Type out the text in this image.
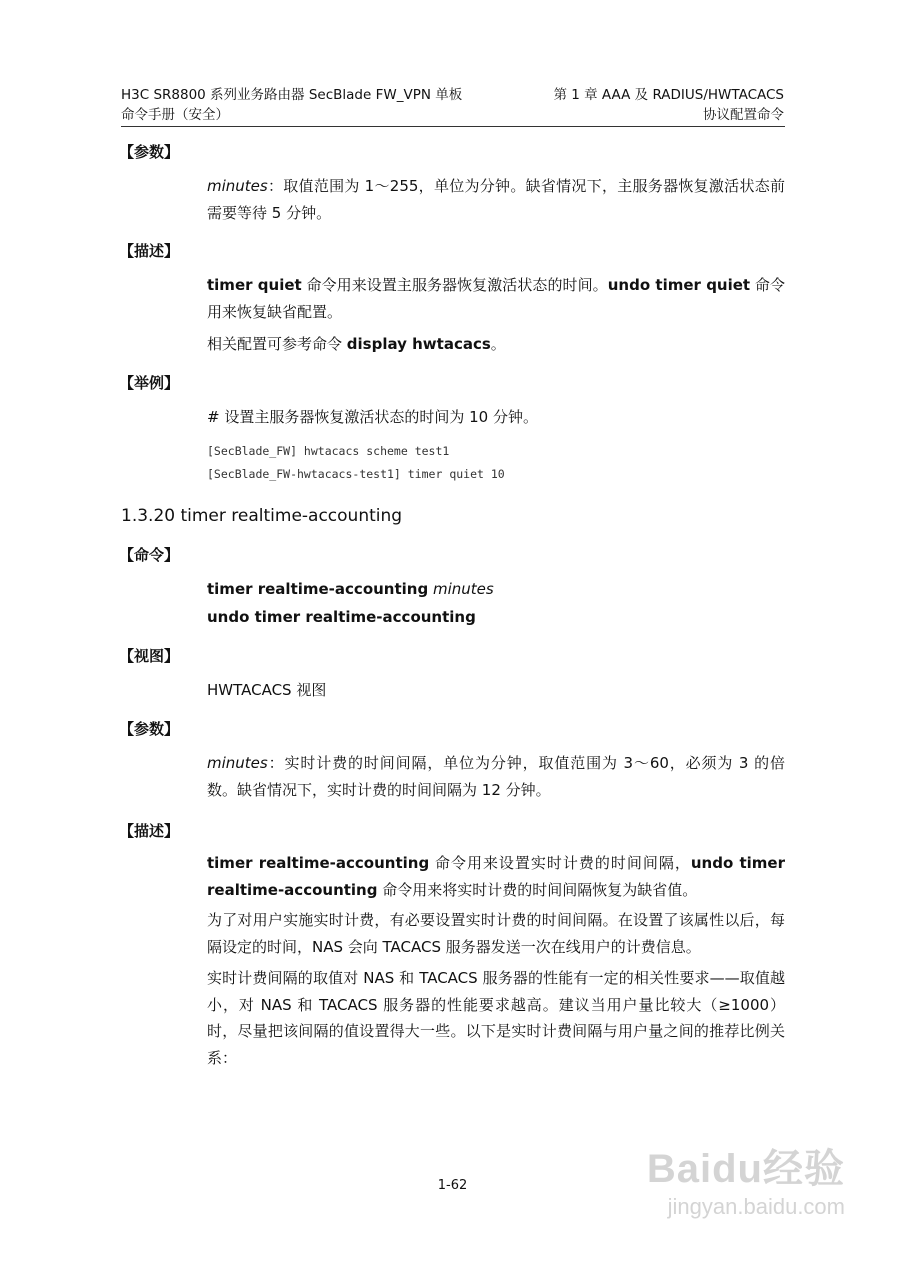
H3C SR8800 系列业务路由器 SecBlade FW_VPN 单板
命令手册（安全）
第 1 章 AAA 及 RADIUS/HWTACACS
协议配置命令
【参数】

minutes：取值范围为 1～255，单位为分钟。缺省情况下，主服务器恢复激活状态前需要等待 5 分钟。

【描述】

timer quiet 命令用来设置主服务器恢复激活状态的时间。undo timer quiet 命令用来恢复缺省配置。

相关配置可参考命令 display hwtacacs。

【举例】

# 设置主服务器恢复激活状态的时间为 10 分钟。

[SecBlade_FW] hwtacacs scheme test1
[SecBlade_FW-hwtacacs-test1] timer quiet 10
1.3.20 timer realtime-accounting
【命令】

timer realtime-accounting minutes

undo timer realtime-accounting

【视图】

HWTACACS 视图

【参数】

minutes：实时计费的时间间隔，单位为分钟，取值范围为 3～60，必须为 3 的倍数。缺省情况下，实时计费的时间间隔为 12 分钟。

【描述】

timer realtime-accounting 命令用来设置实时计费的时间间隔，undo timer realtime-accounting 命令用来将实时计费的时间间隔恢复为缺省值。

为了对用户实施实时计费，有必要设置实时计费的时间间隔。在设置了该属性以后，每隔设定的时间，NAS 会向 TACACS 服务器发送一次在线用户的计费信息。

实时计费间隔的取值对 NAS 和 TACACS 服务器的性能有一定的相关性要求——取值越小，对 NAS 和 TACACS 服务器的性能要求越高。建议当用户量比较大（≥1000）时，尽量把该间隔的值设置得大一些。以下是实时计费间隔与用户量之间的推荐比例关系：

1-62	Baidu经验
jingyan.baidu.com
